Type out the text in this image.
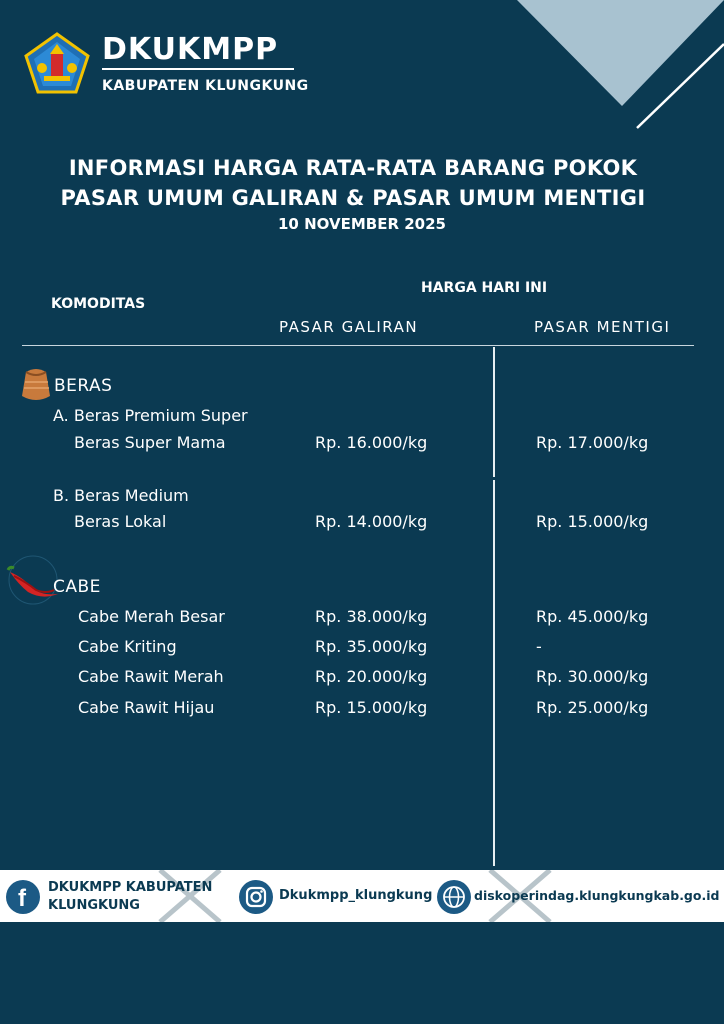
DKUKMPP
KABUPATEN KLUNGKUNG
INFORMASI HARGA RATA-RATA BARANG POKOK
PASAR UMUM GALIRAN & PASAR UMUM MENTIGI
10 NOVEMBER 2025
KOMODITAS
HARGA HARI INI
PASAR GALIRAN	PASAR MENTIGI
BERAS
A. Beras Premium Super
Beras Super Mama	Rp. 16.000/kg	Rp. 17.000/kg
B. Beras Medium
Beras Lokal	Rp. 14.000/kg	Rp. 15.000/kg
CABE
Cabe Merah Besar	Rp. 38.000/kg	Rp. 45.000/kg
Cabe Kriting	Rp. 35.000/kg	-
Cabe Rawit Merah	Rp. 20.000/kg	Rp. 30.000/kg
Cabe Rawit Hijau	Rp. 15.000/kg	Rp. 25.000/kg
f DKUKMPP KABUPATEN
KLUNGKUNG
Dkukmpp_klungkung	diskoperindag.klungkungkab.go.id
